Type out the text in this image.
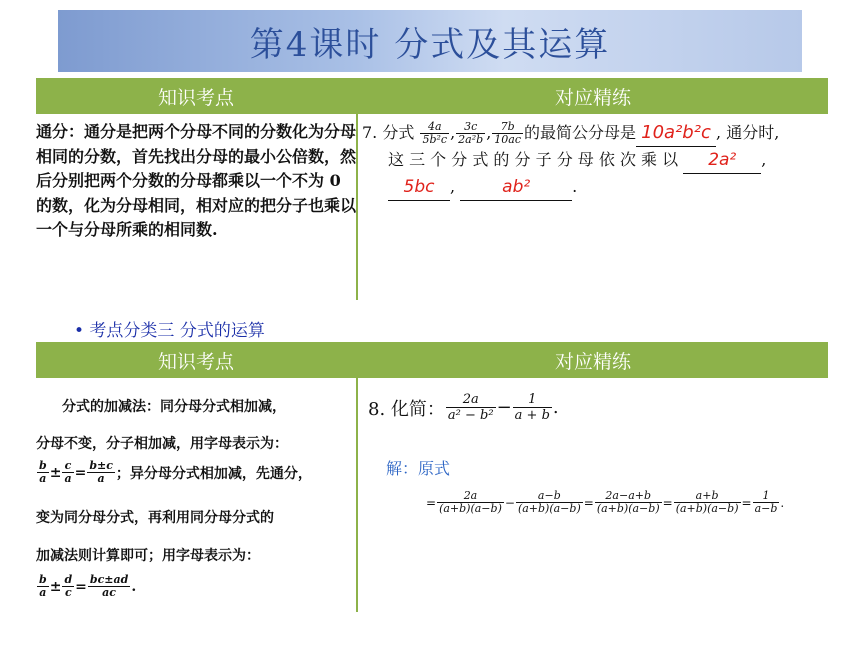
第4课时 分式及其运算
知识考点	对应精练
通分：通分是把两个分母不同的分数化为分母相同的分数，首先找出分母的最小公倍数，然后分别把两个分数的分母都乘以一个不为 0 的数，化为分母相同，相对应的把分子也乘以一个与分母所乘的相同数.
7. 分式 $\frac{4a}{\text{5b²c}}$ , $\frac{3c}{\text{2a²b}}$ , $\frac{7b}{10ac}$ 的最简公分母是 10a²b²c , 通分时,
这 三 个 分 式 的 分 子 分 母 依 次 乘 以 2a² ,
5bc , ab²	.
• 考点分类三 分式的运算
知识考点	对应精练
分式的加减法：同分母分式相加减，
分母不变，分子相加减，用字母表示为：
$\frac{b}{a} \pm \frac{c}{a} = \frac{b\pm c}{a}$ ；异分母分式相加减，先通分，
变为同分母分式，再利用同分母分式的
加减法则计算即可；用字母表示为：
$\frac{b}{a} \pm \frac{d}{c} = \frac{bc\pm ad}{ac}$ .
8. 化简： $\frac{2a}{\text{a² − b²}} - \frac{1}{a + b}$ .
解：原式
= $\frac{2a}{(a+b)(a-b)} - \frac{a-b}{(a+b)(a-b)} = \frac{2a-a+b}{(a+b)(a-b)} = \frac{a+b}{(a+b)(a-b)} = \frac{1}{a-b}$ .
